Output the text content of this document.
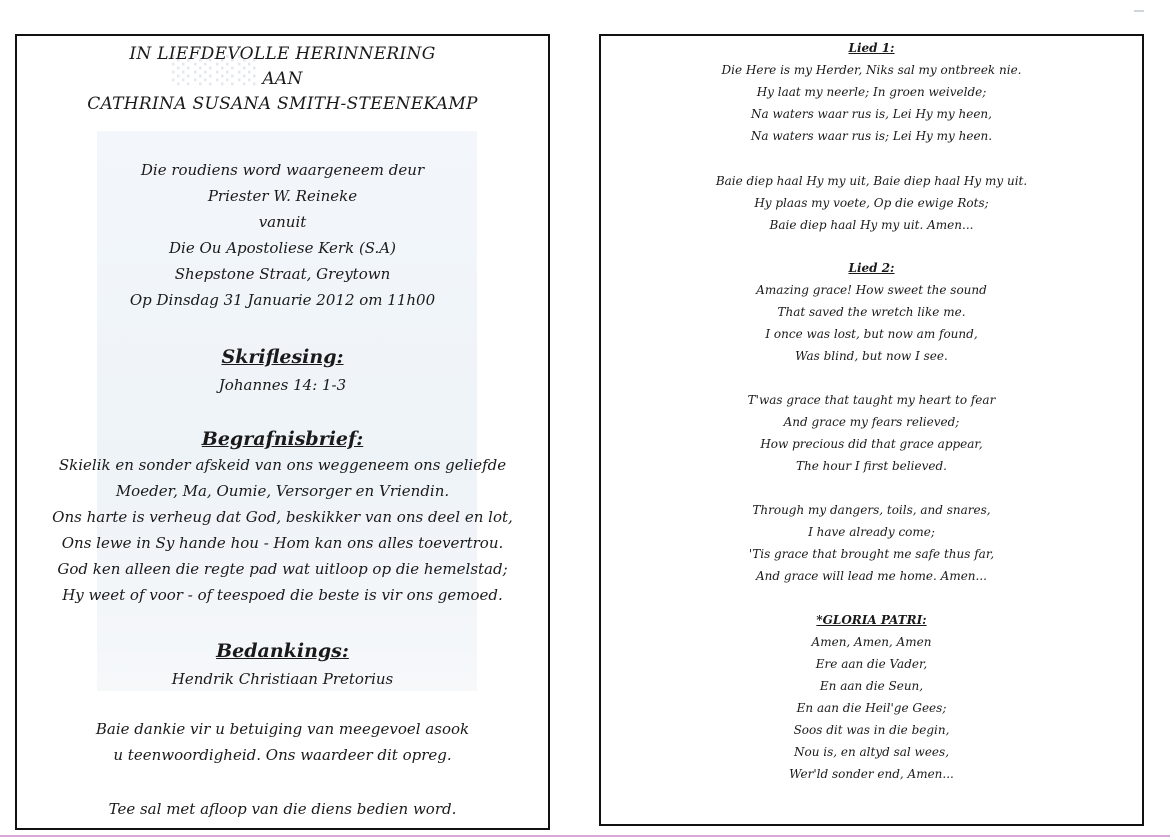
░░░░
IN LIEFDEVOLLE HERINNERING
AAN
CATHRINA SUSANA SMITH-STEENEKAMP
Die roudiens word waargeneem deur
Priester W. Reineke
vanuit
Die Ou Apostoliese Kerk (S.A)
Shepstone Straat, Greytown
Op Dinsdag 31 Januarie 2012 om 11h00
Skriflesing:
Johannes 14: 1-3
Begrafnisbrief:
Skielik en sonder afskeid van ons weggeneem ons geliefde
Moeder, Ma, Oumie, Versorger en Vriendin.
Ons harte is verheug dat God, beskikker van ons deel en lot,
Ons lewe in Sy hande hou - Hom kan ons alles toevertrou.
God ken alleen die regte pad wat uitloop op die hemelstad;
Hy weet of voor - of teespoed die beste is vir ons gemoed.
Bedankings:
Hendrik Christiaan Pretorius
Baie dankie vir u betuiging van meegevoel asook
u teenwoordigheid. Ons waardeer dit opreg.
Tee sal met afloop van die diens bedien word.
Lied 1:
Die Here is my Herder, Niks sal my ontbreek nie.
Hy laat my neerle; In groen weivelde;
Na waters waar rus is, Lei Hy my heen,
Na waters waar rus is; Lei Hy my heen.
Baie diep haal Hy my uit, Baie diep haal Hy my uit.
Hy plaas my voete, Op die ewige Rots;
Baie diep haal Hy my uit. Amen...
Lied 2:
Amazing grace! How sweet the sound
That saved the wretch like me.
I once was lost, but now am found,
Was blind, but now I see.
T'was grace that taught my heart to fear
And grace my fears relieved;
How precious did that grace appear,
The hour I first believed.
Through my dangers, toils, and snares,
I have already come;
'Tis grace that brought me safe thus far,
And grace will lead me home. Amen...
*GLORIA PATRI:
Amen, Amen, Amen
Ere aan die Vader,
En aan die Seun,
En aan die Heil'ge Gees;
Soos dit was in die begin,
Nou is, en altyd sal wees,
Wer'ld sonder end, Amen...
